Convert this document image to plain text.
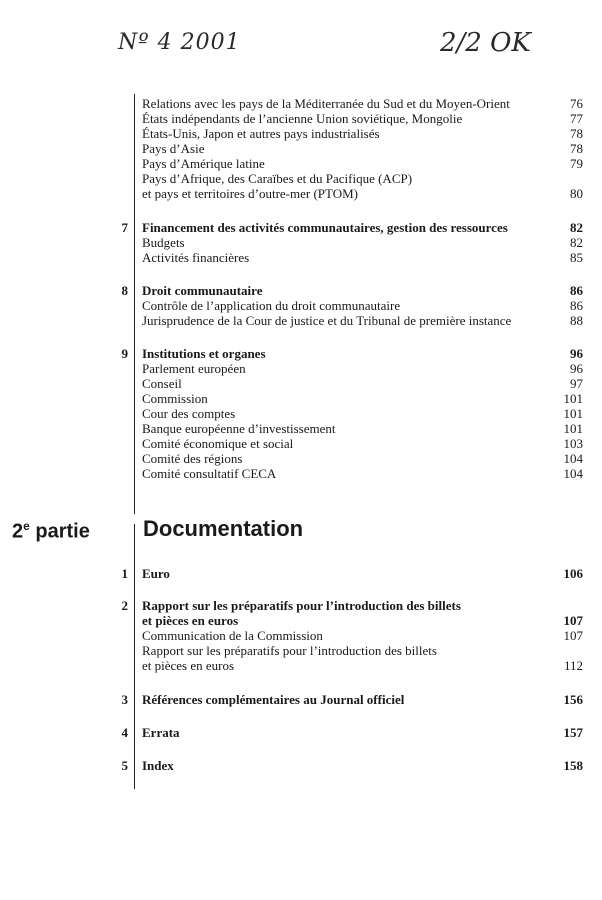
Nº 4 2001	2/2 OK
Relations avec les pays de la Méditerranée du Sud et du Moyen-Orient	76
États indépendants de l’ancienne Union soviétique, Mongolie	77
États-Unis, Japon et autres pays industrialisés	78
Pays d’Asie	78
Pays d’Amérique latine	79
Pays d’Afrique, des Caraïbes et du Pacifique (ACP)
et pays et territoires d’outre-mer (PTOM)	80
7 Financement des activités communautaires, gestion des ressources	82
Budgets	82
Activités financières	85
8 Droit communautaire	86
Contrôle de l’application du droit communautaire	86
Jurisprudence de la Cour de justice et du Tribunal de première instance	88
9 Institutions et organes	96
Parlement européen	96
Conseil	97
Commission	101
Cour des comptes	101
Banque européenne d’investissement	101
Comité économique et social	103
Comité des régions	104
Comité consultatif CECA	104
2e partie Documentation
1 Euro	106
2 Rapport sur les préparatifs pour l’introduction des billets
et pièces en euros	107
Communication de la Commission	107
Rapport sur les préparatifs pour l’introduction des billets
et pièces en euros	112
3 Références complémentaires au Journal officiel	156
4 Errata	157
5 Index	158
